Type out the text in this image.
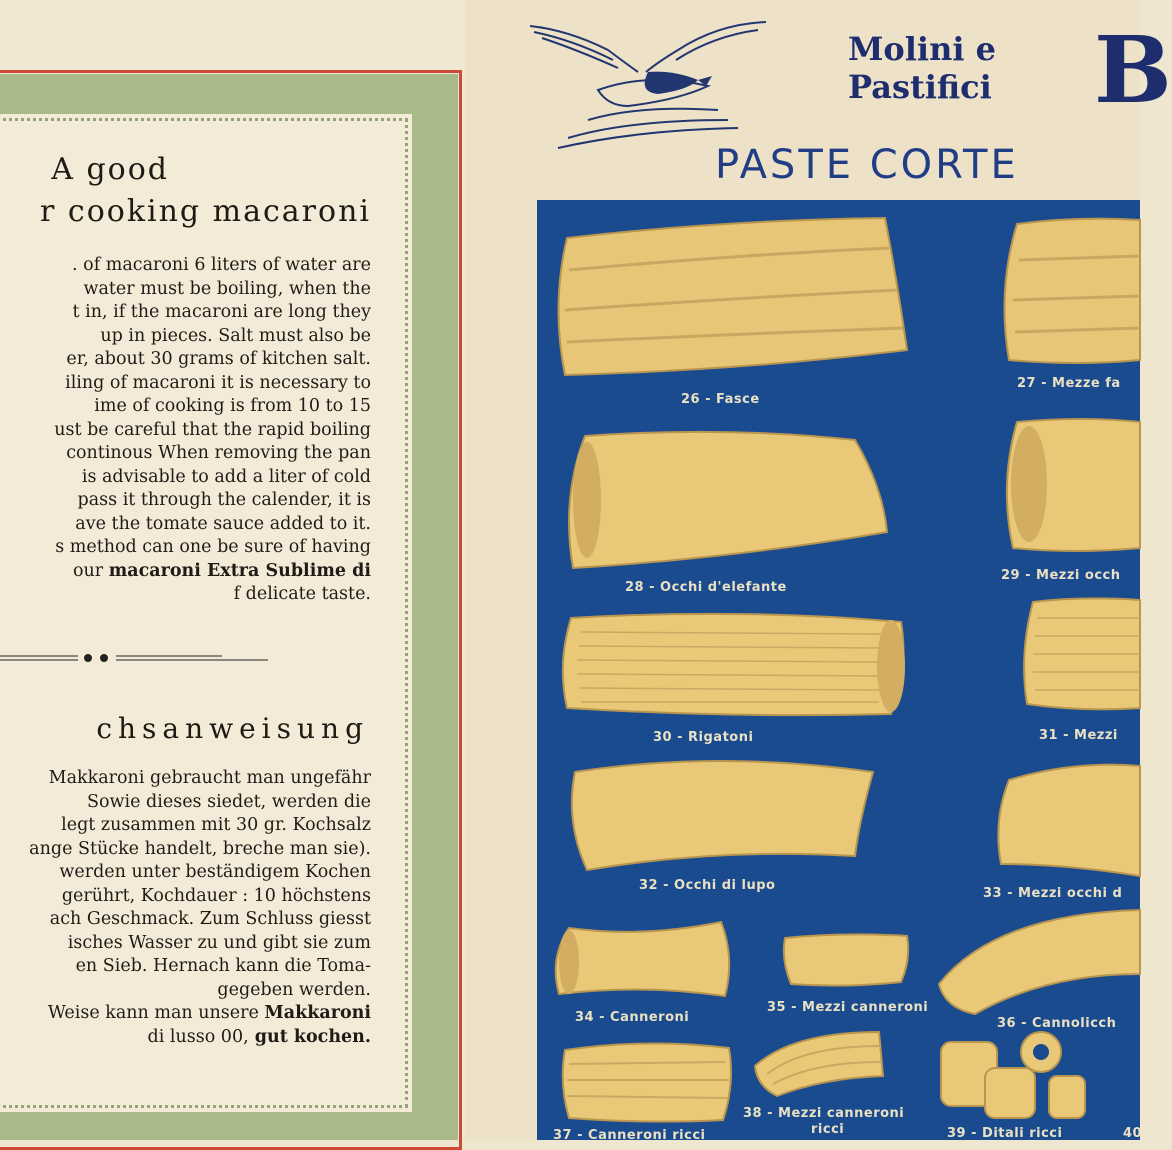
A good
r cooking macaroni
. of macaroni 6 liters of water are
water must be boiling, when the
t in, if the macaroni are long they
up in pieces. Salt must also be
er, about 30 grams of kitchen salt.
iling of macaroni it is necessary to
ime of cooking is from 10 to 15
ust be careful that the rapid boiling
continous When removing the pan
is advisable to add a liter of cold
pass it through the calender, it is
ave the tomate sauce added to it.
s method can one be sure of having
our macaroni Extra Sublime di
f delicate taste.
chsanweisung
Makkaroni gebraucht man ungefähr
Sowie dieses siedet, werden die
legt zusammen mit 30 gr. Kochsalz
ange Stücke handelt, breche man sie).
werden unter beständigem Kochen
gerührt, Kochdauer : 10 höchstens
ach Geschmack. Zum Schluss giesst
isches Wasser zu und gibt sie zum
en Sieb. Hernach kann die Toma-
gegeben werden.
Weise kann man unsere Makkaroni
di lusso 00, gut kochen.
Molini e
Pastifici B
PASTE CORTE
26 - Fasce
27 - Mezze fa
28 - Occhi d'elefante
29 - Mezzi occh
30 - Rigatoni	31 - Mezzi
32 - Occhi di lupo
33 - Mezzi occhi d
34 - Canneroni
35 - Mezzi canneroni
36 - Cannolicch
37 - Canneroni ricci
38 - Mezzi canneroni
ricci	39 - Ditali ricci	40
